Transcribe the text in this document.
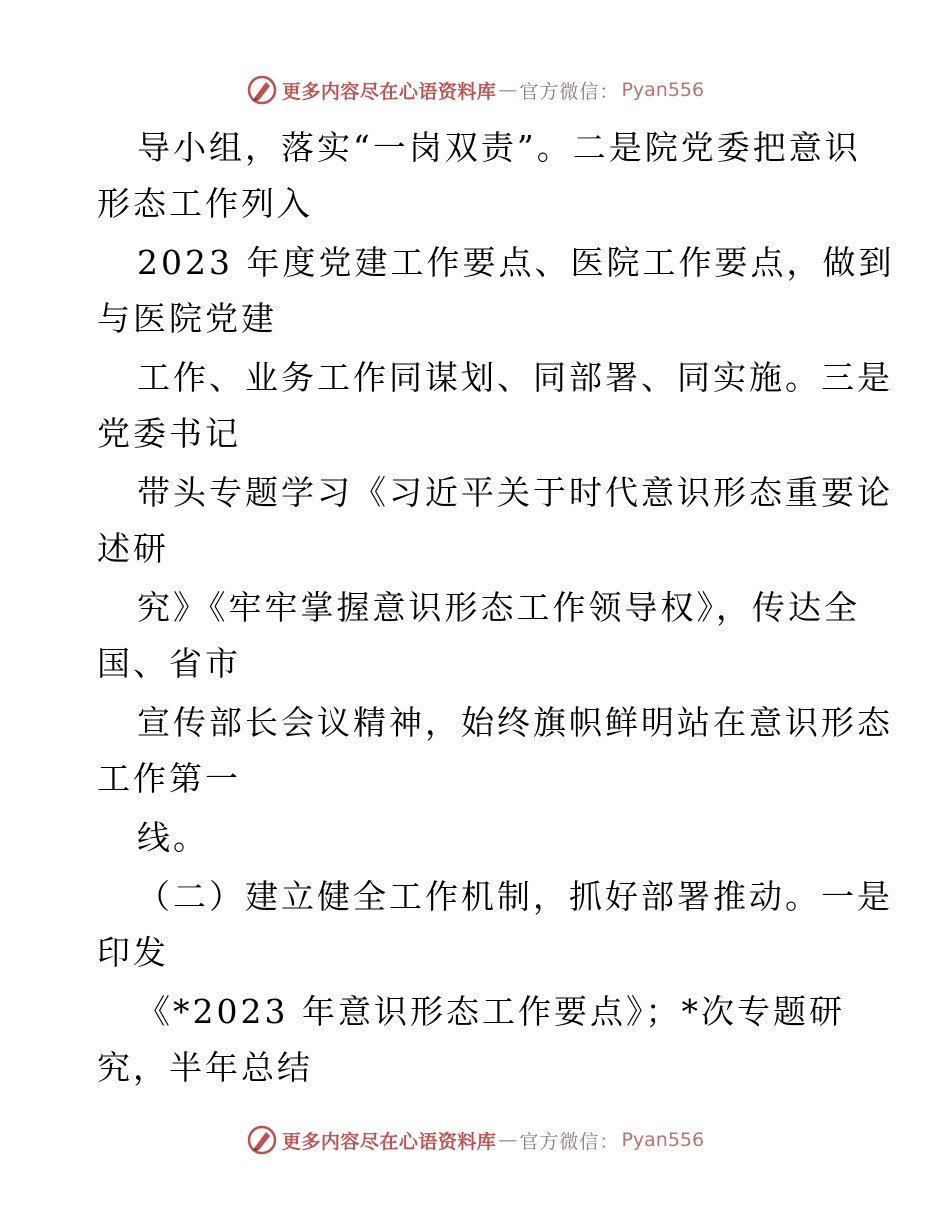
更多内容尽在心语资料库 — 官方微信： Pyan556
导小组，落实“一岗双责”。二是院党委把意识
形态工作列入
2023 年度党建工作要点、医院工作要点，做到
与医院党建
工作、业务工作同谋划、同部署、同实施。三是
党委书记
带头专题学习《习近平关于时代意识形态重要论
述研
究》《牢牢掌握意识形态工作领导权》，传达全
国、省市
宣传部长会议精神，始终旗帜鲜明站在意识形态
工作第一
线。
（二）建立健全工作机制，抓好部署推动。一是
印发
《*2023 年意识形态工作要点》；*次专题研
究，半年总结
更多内容尽在心语资料库 — 官方微信： Pyan556
